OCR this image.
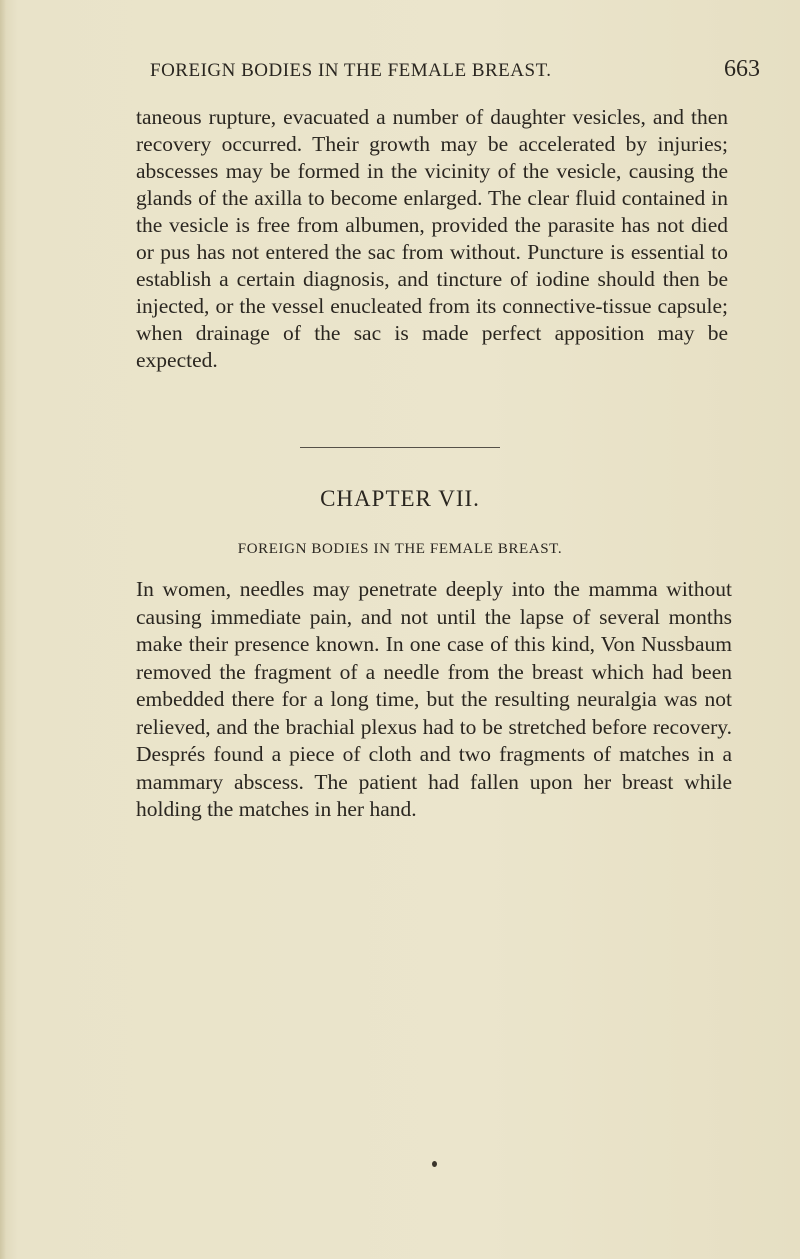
FOREIGN BODIES IN THE FEMALE BREAST.	663

taneous rupture, evacuated a number of daughter vesicles, and then recovery occurred. Their growth may be accelerated by injuries; abscesses may be formed in the vicinity of the vesicle, causing the glands of the axilla to become enlarged. The clear fluid contained in the vesicle is free from albumen, provided the parasite has not died or pus has not entered the sac from without. Puncture is essential to establish a certain diagnosis, and tincture of iodine should then be injected, or the vessel enucleated from its connective-tissue capsule; when drainage of the sac is made perfect apposition may be expected.

CHAPTER VII.
FOREIGN BODIES IN THE FEMALE BREAST.

In women, needles may penetrate deeply into the mamma without causing immediate pain, and not until the lapse of several months make their presence known. In one case of this kind, Von Nussbaum removed the fragment of a needle from the breast which had been embedded there for a long time, but the resulting neuralgia was not relieved, and the brachial plexus had to be stretched before recovery. Després found a piece of cloth and two fragments of matches in a mammary abscess. The patient had fallen upon her breast while holding the matches in her hand.
